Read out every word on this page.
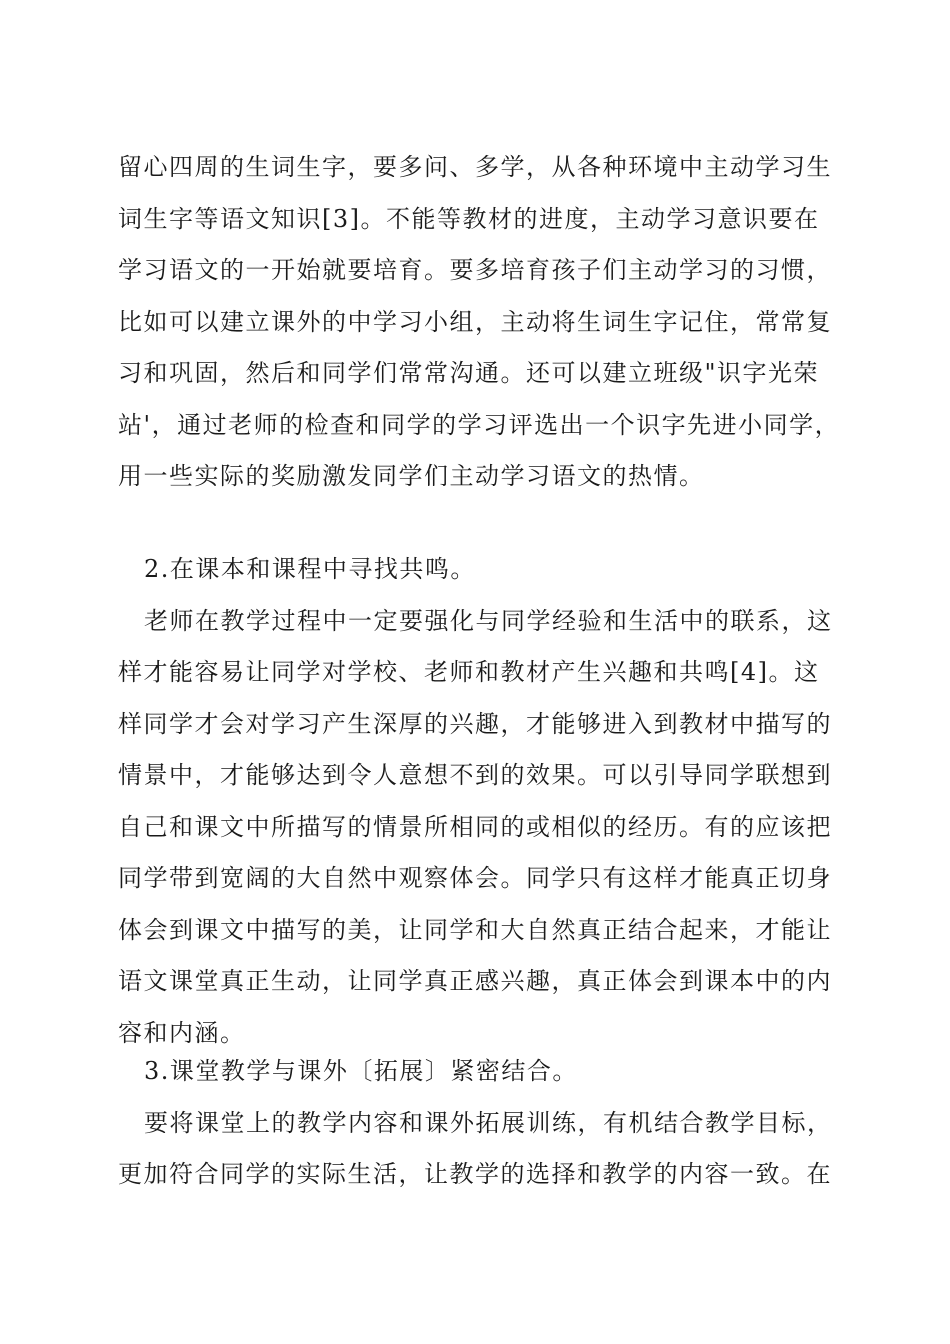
留心四周的生词生字，要多问、多学，从各种环境中主动学习生
词生字等语文知识[3]。不能等教材的进度，主动学习意识要在
学习语文的一开始就要培育。要多培育孩子们主动学习的习惯，
比如可以建立课外的中学习小组，主动将生词生字记住，常常复
习和巩固，然后和同学们常常沟通。还可以建立班级"识字光荣
站'，通过老师的检查和同学的学习评选出一个识字先进小同学，
用一些实际的奖励激发同学们主动学习语文的热情。
2.在课本和课程中寻找共鸣。
老师在教学过程中一定要强化与同学经验和生活中的联系，这
样才能容易让同学对学校、老师和教材产生兴趣和共鸣[4]。这
样同学才会对学习产生深厚的兴趣，才能够进入到教材中描写的
情景中，才能够达到令人意想不到的效果。可以引导同学联想到
自己和课文中所描写的情景所相同的或相似的经历。有的应该把
同学带到宽阔的大自然中观察体会。同学只有这样才能真正切身
体会到课文中描写的美，让同学和大自然真正结合起来，才能让
语文课堂真正生动，让同学真正感兴趣，真正体会到课本中的内
容和内涵。
3.课堂教学与课外〔拓展〕紧密结合。
要将课堂上的教学内容和课外拓展训练，有机结合教学目标，
更加符合同学的实际生活，让教学的选择和教学的内容一致。在
